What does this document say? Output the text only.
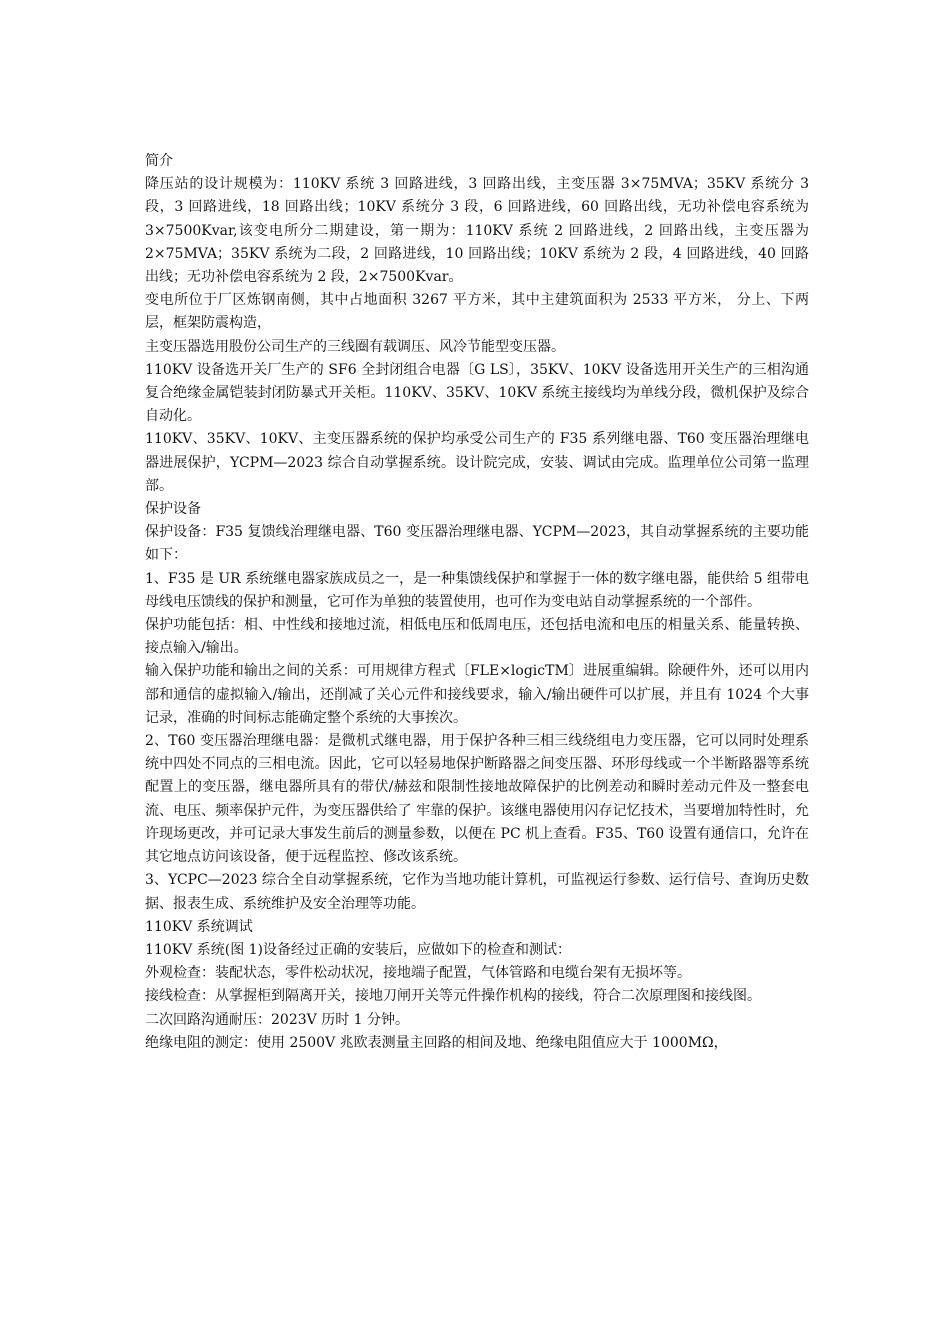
简介

降压站的设计规模为：110KV 系统 3 回路进线，3 回路出线，主变压器 3×75MVA；35KV 系统分 3 段，3 回路进线，18 回路出线；10KV 系统分 3 段，6 回路进线，60 回路出线，无功补偿电容系统为 3×7500Kvar,该变电所分二期建设，第一期为：110KV 系统 2 回路进线，2 回路出线，主变压器为 2×75MVA；35KV 系统为二段，2 回路进线，10 回路出线；10KV 系统为 2 段，4 回路进线，40 回路出线；无功补偿电容系统为 2 段，2×7500Kvar。

变电所位于厂区炼钢南侧，其中占地面积 3267 平方米，其中主建筑面积为 2533 平方米， 分上、下两层，框架防震构造，

主变压器选用股份公司生产的三线圈有载调压、风冷节能型变压器。

110KV 设备选开关厂生产的 SF6 全封闭组合电器〔G LS〕，35KV、10KV 设备选用开关生产的三相沟通复合绝缘金属铠装封闭防暴式开关柜。110KV、35KV、10KV 系统主接线均为单线分段，微机保护及综合自动化。

110KV、35KV、10KV、主变压器系统的保护均承受公司生产的 F35 系列继电器、T60 变压器治理继电器进展保护，YCPM—2023 综合自动掌握系统。设计院完成，安装、调试由完成。监理单位公司第一监理部。

保护设备

保护设备：F35 复馈线治理继电器、T60 变压器治理继电器、YCPM—2023，其自动掌握系统的主要功能如下：

1、F35 是 UR 系统继电器家族成员之一，是一种集馈线保护和掌握于一体的数字继电器，能供给 5 组带电母线电压馈线的保护和测量，它可作为单独的装置使用，也可作为变电站自动掌握系统的一个部件。

保护功能包括：相、中性线和接地过流，相低电压和低周电压，还包括电流和电压的相量关系、能量转换、接点输入/输出。

输入保护功能和输出之间的关系：可用规律方程式〔FLE×logicTM〕进展重编辑。除硬件外，还可以用内部和通信的虚拟输入/输出，还削减了关心元件和接线要求，输入/输出硬件可以扩展，并且有 1024 个大事记录，准确的时间标志能确定整个系统的大事挨次。

2、T60 变压器治理继电器：是微机式继电器，用于保护各种三相三线绕组电力变压器，它可以同时处理系统中四处不同点的三相电流。因此，它可以轻易地保护断路器之间变压器、环形母线或一个半断路器等系统配置上的变压器，继电器所具有的带伏/赫兹和限制性接地故障保护的比例差动和瞬时差动元件及一整套电流、电压、频率保护元件，为变压器供给了 牢靠的保护。该继电器使用闪存记忆技术，当要增加特性时，允许现场更改，并可记录大事发生前后的测量参数，以便在 PC 机上查看。F35、T60 设置有通信口，允许在其它地点访问该设备，便于远程监控、修改该系统。

3、YCPC—2023 综合全自动掌握系统，它作为当地功能计算机，可监视运行参数、运行信号、查询历史数据、报表生成、系统维护及安全治理等功能。

110KV 系统调试

110KV 系统(图 1)设备经过正确的安装后，应做如下的检查和测试：

外观检查：装配状态，零件松动状况，接地端子配置，气体管路和电缆台架有无损坏等。

接线检查：从掌握柜到隔离开关，接地刀闸开关等元件操作机构的接线，符合二次原理图和接线图。

二次回路沟通耐压：2023V 历时 1 分钟。

绝缘电阻的测定：使用 2500V 兆欧表测量主回路的相间及地、绝缘电阻值应大于 1000MΩ，
